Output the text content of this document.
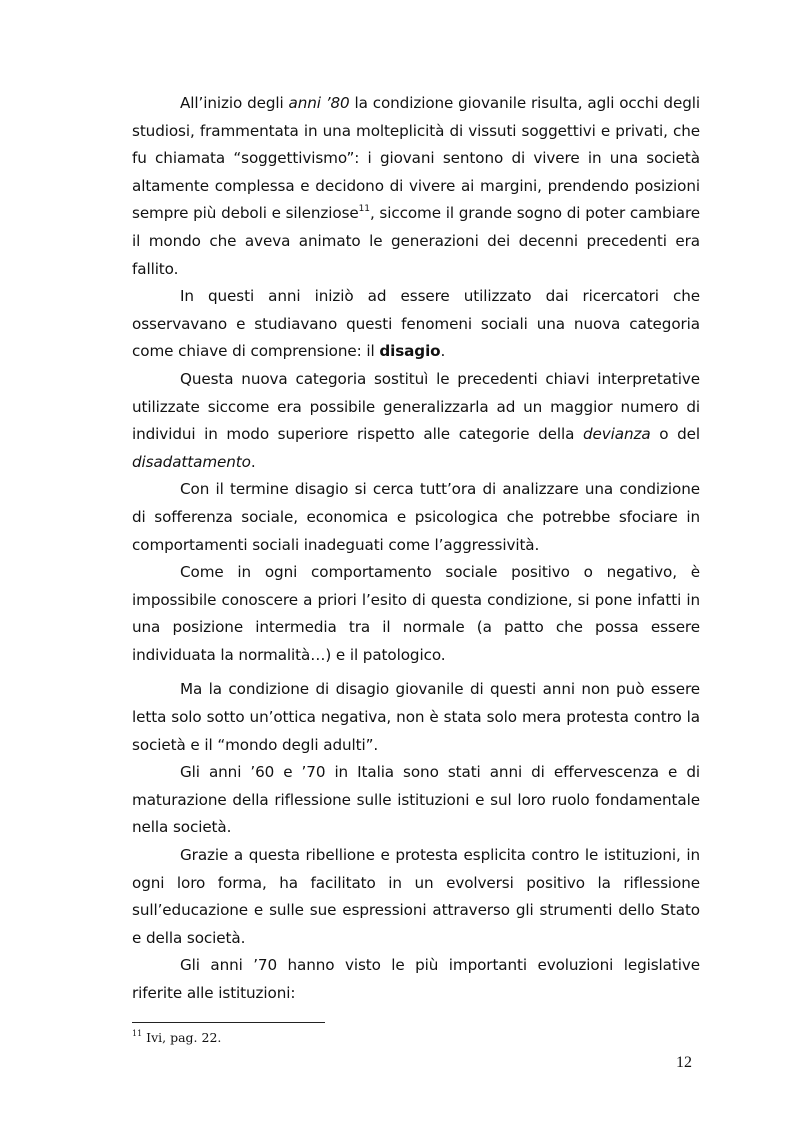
All’inizio degli anni ’80 la condizione giovanile risulta, agli occhi degli studiosi, frammentata in una molteplicità di vissuti soggettivi e privati, che fu chiamata “soggettivismo”: i giovani sentono di vivere in una società altamente complessa e decidono di vivere ai margini, prendendo posizioni sempre più deboli e silenziose$^{11}$, siccome il grande sogno di poter cambiare il mondo che aveva animato le generazioni dei decenni precedenti era fallito.

In questi anni iniziò ad essere utilizzato dai ricercatori che osservavano e studiavano questi fenomeni sociali una nuova categoria come chiave di comprensione: il disagio.

Questa nuova categoria sostituì le precedenti chiavi interpretative utilizzate siccome era possibile generalizzarla ad un maggior numero di individui in modo superiore rispetto alle categorie della devianza o del disadattamento.

Con il termine disagio si cerca tutt’ora di analizzare una condizione di sofferenza sociale, economica e psicologica che potrebbe sfociare in comportamenti sociali inadeguati come l’aggressività.

Come in ogni comportamento sociale positivo o negativo, è impossibile conoscere a priori l’esito di questa condizione, si pone infatti in una posizione intermedia tra il normale (a patto che possa essere individuata la normalità…) e il patologico.

Ma la condizione di disagio giovanile di questi anni non può essere letta solo sotto un’ottica negativa, non è stata solo mera protesta contro la società e il “mondo degli adulti”.

Gli anni ’60 e ’70 in Italia sono stati anni di effervescenza e di maturazione della riflessione sulle istituzioni e sul loro ruolo fondamentale nella società.

Grazie a questa ribellione e protesta esplicita contro le istituzioni, in ogni loro forma, ha facilitato in un evolversi positivo la riflessione sull’educazione e sulle sue espressioni attraverso gli strumenti dello Stato e della società.

Gli anni ’70 hanno visto le più importanti evoluzioni legislative riferite alle istituzioni:

$^{11}$ Ivi, pag. 22.
12
